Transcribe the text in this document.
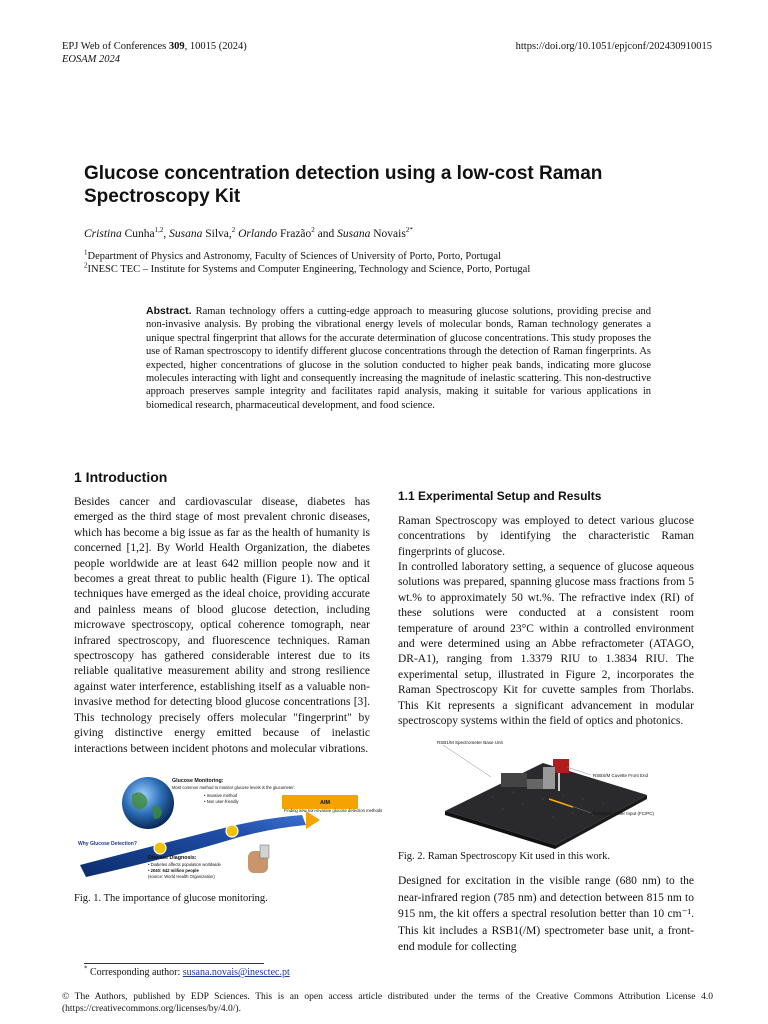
EPJ Web of Conferences 309, 10015 (2024)	https://doi.org/10.1051/epjconf/202430910015
EOSAM 2024
Glucose concentration detection using a low-cost Raman Spectroscopy Kit
Cristina Cunha$^{1,2}$, Susana Silva,$^2$ Orlando Frazão$^2$ and Susana Novais$^{2*}$
$^1$Department of Physics and Astronomy, Faculty of Sciences of University of Porto, Porto, Portugal
$^2$INESC TEC – Institute for Systems and Computer Engineering, Technology and Science, Porto, Portugal
Abstract. Raman technology offers a cutting-edge approach to measuring glucose solutions, providing precise and non-invasive analysis. By probing the vibrational energy levels of molecular bonds, Raman technology generates a unique spectral fingerprint that allows for the accurate determination of glucose concentrations. This study proposes the use of Raman spectroscopy to identify different glucose concentrations through the detection of Raman fingerprints. As expected, higher concentrations of glucose in the solution conducted to higher peak bands, indicating more glucose molecules interacting with light and consequently increasing the magnitude of inelastic scattering. This non-destructive approach preserves sample integrity and facilitates rapid analysis, making it suitable for various applications in biomedical research, pharmaceutical development, and food science.
1 Introduction
Besides cancer and cardiovascular disease, diabetes has emerged as the third stage of most prevalent chronic diseases, which has become a big issue as far as the health of humanity is concerned [1,2]. By World Health Organization, the diabetes people worldwide are at least 642 million people now and it becomes a great threat to public health (Figure 1). The optical techniques have emerged as the ideal choice, providing accurate and painless means of blood glucose detection, including microwave spectroscopy, optical coherence tomograph, near infrared spectroscopy, and fluorescence techniques. Raman spectroscopy has gathered considerable interest due to its reliable qualitative measurement ability and strong resilience against water interference, establishing itself as a valuable non-invasive method for detecting blood glucose concentrations [3]. This technology precisely offers molecular "fingerprint" by giving distinctive energy emitted because of inelastic interactions between incident photons and molecular vibrations.
Glucose Monitoring:
Most common method to monitor glucose levels is the glucometer:
• Invasive method
• Non user-friendly	AIM
Finding new non-invasive glucose detection methods
Why Glucose Detection?
Disease Diagnosis:
• Diabetes affects population worldwide
• 2040: 642 million people
(source: World Health Organization)
Fig. 1. The importance of glucose monitoring.
1.1 Experimental Setup and Results
Raman Spectroscopy was employed to detect various glucose concentrations by identifying the characteristic Raman fingerprints of glucose.
In controlled laboratory setting, a sequence of glucose aqueous solutions was prepared, spanning glucose mass fractions from 5 wt.% to approximately 50 wt.%. The refractive index (RI) of these solutions were conducted at a consistent room temperature of around 23°C within a controlled environment and were determined using an Abbe refractometer (ATAGO, DR-A1), ranging from 1.3379 RIU to 1.3834 RIU. The experimental setup, illustrated in Figure 2, incorporates the Raman Spectroscopy Kit for cuvette samples from Thorlabs. This Kit represents a significant advancement in modular spectroscopy systems within the field of optics and photonics.
RSB1/M Spectrometer Base Unit
RSBS/M Cuvette Front End
Excitation Laser Input (FC/PC)
Fig. 2. Raman Spectroscopy Kit used in this work.
Designed for excitation in the visible range (680 nm) to the near-infrared region (785 nm) and detection between 815 nm to 915 nm, the kit offers a spectral resolution better than 10 cm⁻¹. This kit includes a RSB1(/M) spectrometer base unit, a front-end module for collecting
* Corresponding author: susana.novais@inesctec.pt
© The Authors, published by EDP Sciences. This is an open access article distributed under the terms of the Creative Commons Attribution License 4.0 (https://creativecommons.org/licenses/by/4.0/).
